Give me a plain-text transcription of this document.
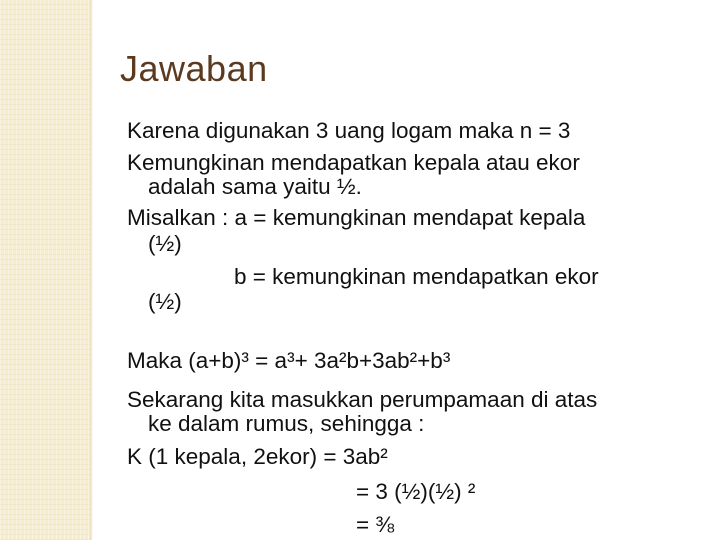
Jawaban
Karena digunakan 3 uang logam maka n = 3
Kemungkinan mendapatkan kepala atau ekor
adalah sama yaitu ½.
Misalkan : a = kemungkinan mendapat kepala
(½)
b = kemungkinan mendapatkan ekor
(½)
Maka (a+b)³ = a³+ 3a²b+3ab²+b³
Sekarang kita masukkan perumpamaan di atas
ke dalam rumus, sehingga :
K (1 kepala, 2ekor) = 3ab²
= 3 (½)(½) ²
= ⅜
